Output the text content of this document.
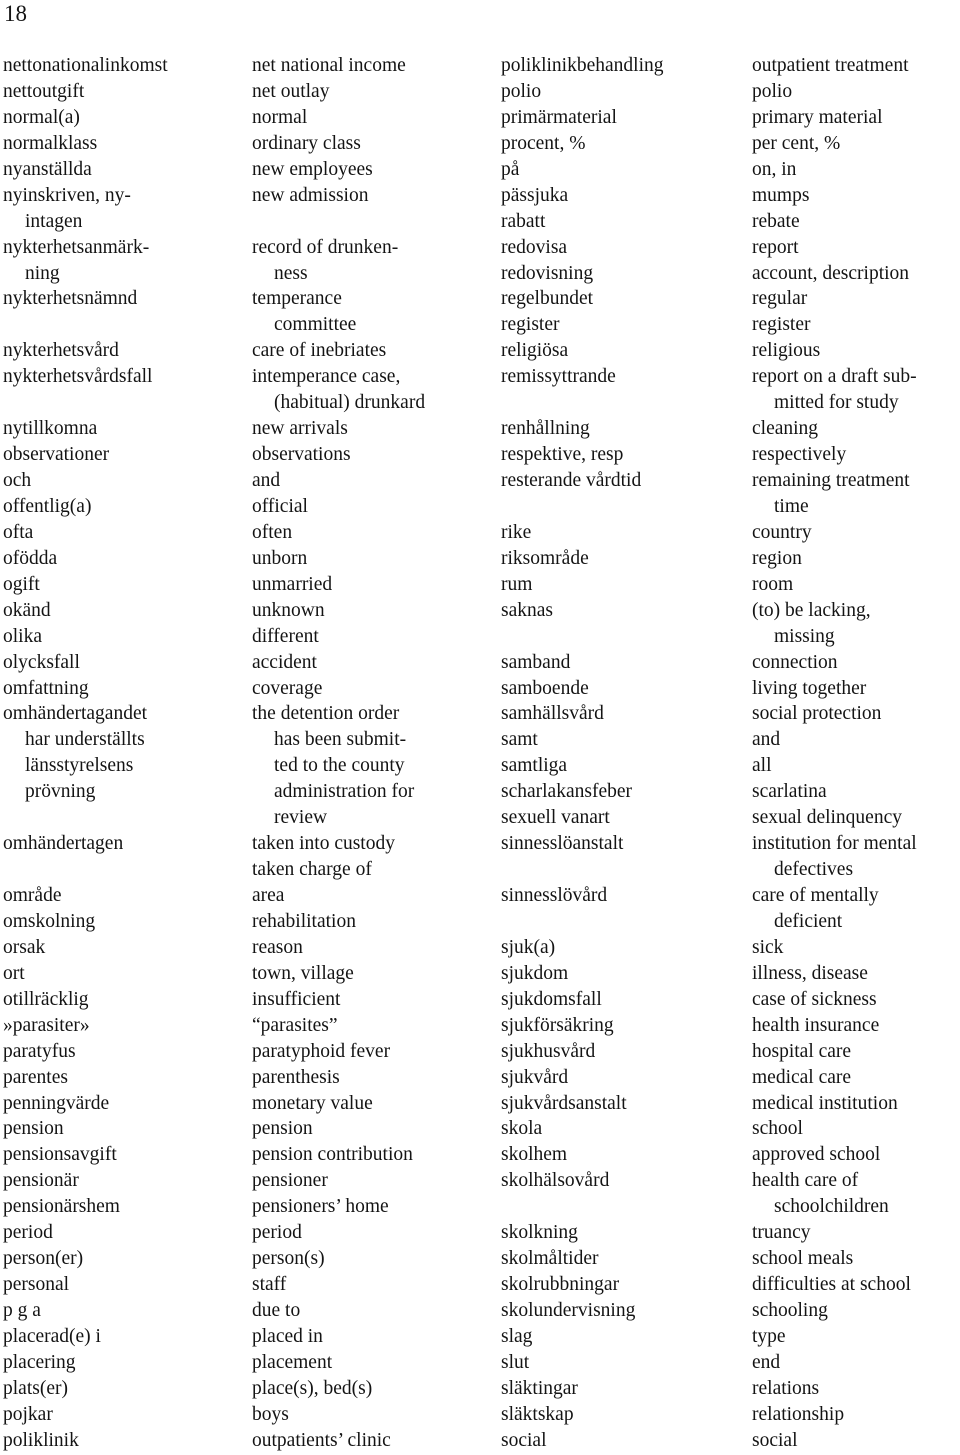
18
nettonationalinkomst
nettoutgift
normal(a)
normalklass
nyanställda
nyinskriven, ny-
intagen
nykterhetsanmärk-
ning
nykterhetsnämnd
nykterhetsvård
nykterhetsvårdsfall
nytillkomna
observationer
och
offentlig(a)
ofta
ofödda
ogift
okänd
olika
olycksfall
omfattning
omhändertagandet
har underställts
länsstyrelsens
prövning
omhändertagen
område
omskolning
orsak
ort
otillräcklig
»parasiter»
paratyfus
parentes
penningvärde
pension
pensionsavgift
pensionär
pensionärshem
period
person(er)
personal
p g a
placerad(e) i
placering
plats(er)
pojkar
poliklinik
net national income
net outlay
normal
ordinary class
new employees
new admission
record of drunken-
ness
temperance
committee
care of inebriates
intemperance case,
(habitual) drunkard
new arrivals
observations
and
official
often
unborn
unmarried
unknown
different
accident
coverage
the detention order
has been submit-
ted to the county
administration for
review
taken into custody
taken charge of
area
rehabilitation
reason
town, village
insufficient
“parasites”
paratyphoid fever
parenthesis
monetary value
pension
pension contribution
pensioner
pensioners’ home
period
person(s)
staff
due to
placed in
placement
place(s), bed(s)
boys
outpatients’ clinic
poliklinikbehandling
polio
primärmaterial
procent, %
på
pässjuka
rabatt
redovisa
redovisning
regelbundet
register
religiösa
remissyttrande
renhållning
respektive, resp
resterande vårdtid
rike
riksområde
rum
saknas
samband
samboende
samhällsvård
samt
samtliga
scharlakansfeber
sexuell vanart
sinnesslöanstalt
sinnesslövård
sjuk(a)
sjukdom
sjukdomsfall
sjukförsäkring
sjukhusvård
sjukvård
sjukvårdsanstalt
skola
skolhem
skolhälsovård
skolkning
skolmåltider
skolrubbningar
skolundervisning
slag
slut
släktingar
släktskap
social
outpatient treatment
polio
primary material
per cent, %
on, in
mumps
rebate
report
account, description
regular
register
religious
report on a draft sub-
mitted for study
cleaning
respectively
remaining treatment
time
country
region
room
(to) be lacking,
missing
connection
living together
social protection
and
all
scarlatina
sexual delinquency
institution for mental
defectives
care of mentally
deficient
sick
illness, disease
case of sickness
health insurance
hospital care
medical care
medical institution
school
approved school
health care of
schoolchildren
truancy
school meals
difficulties at school
schooling
type
end
relations
relationship
social
